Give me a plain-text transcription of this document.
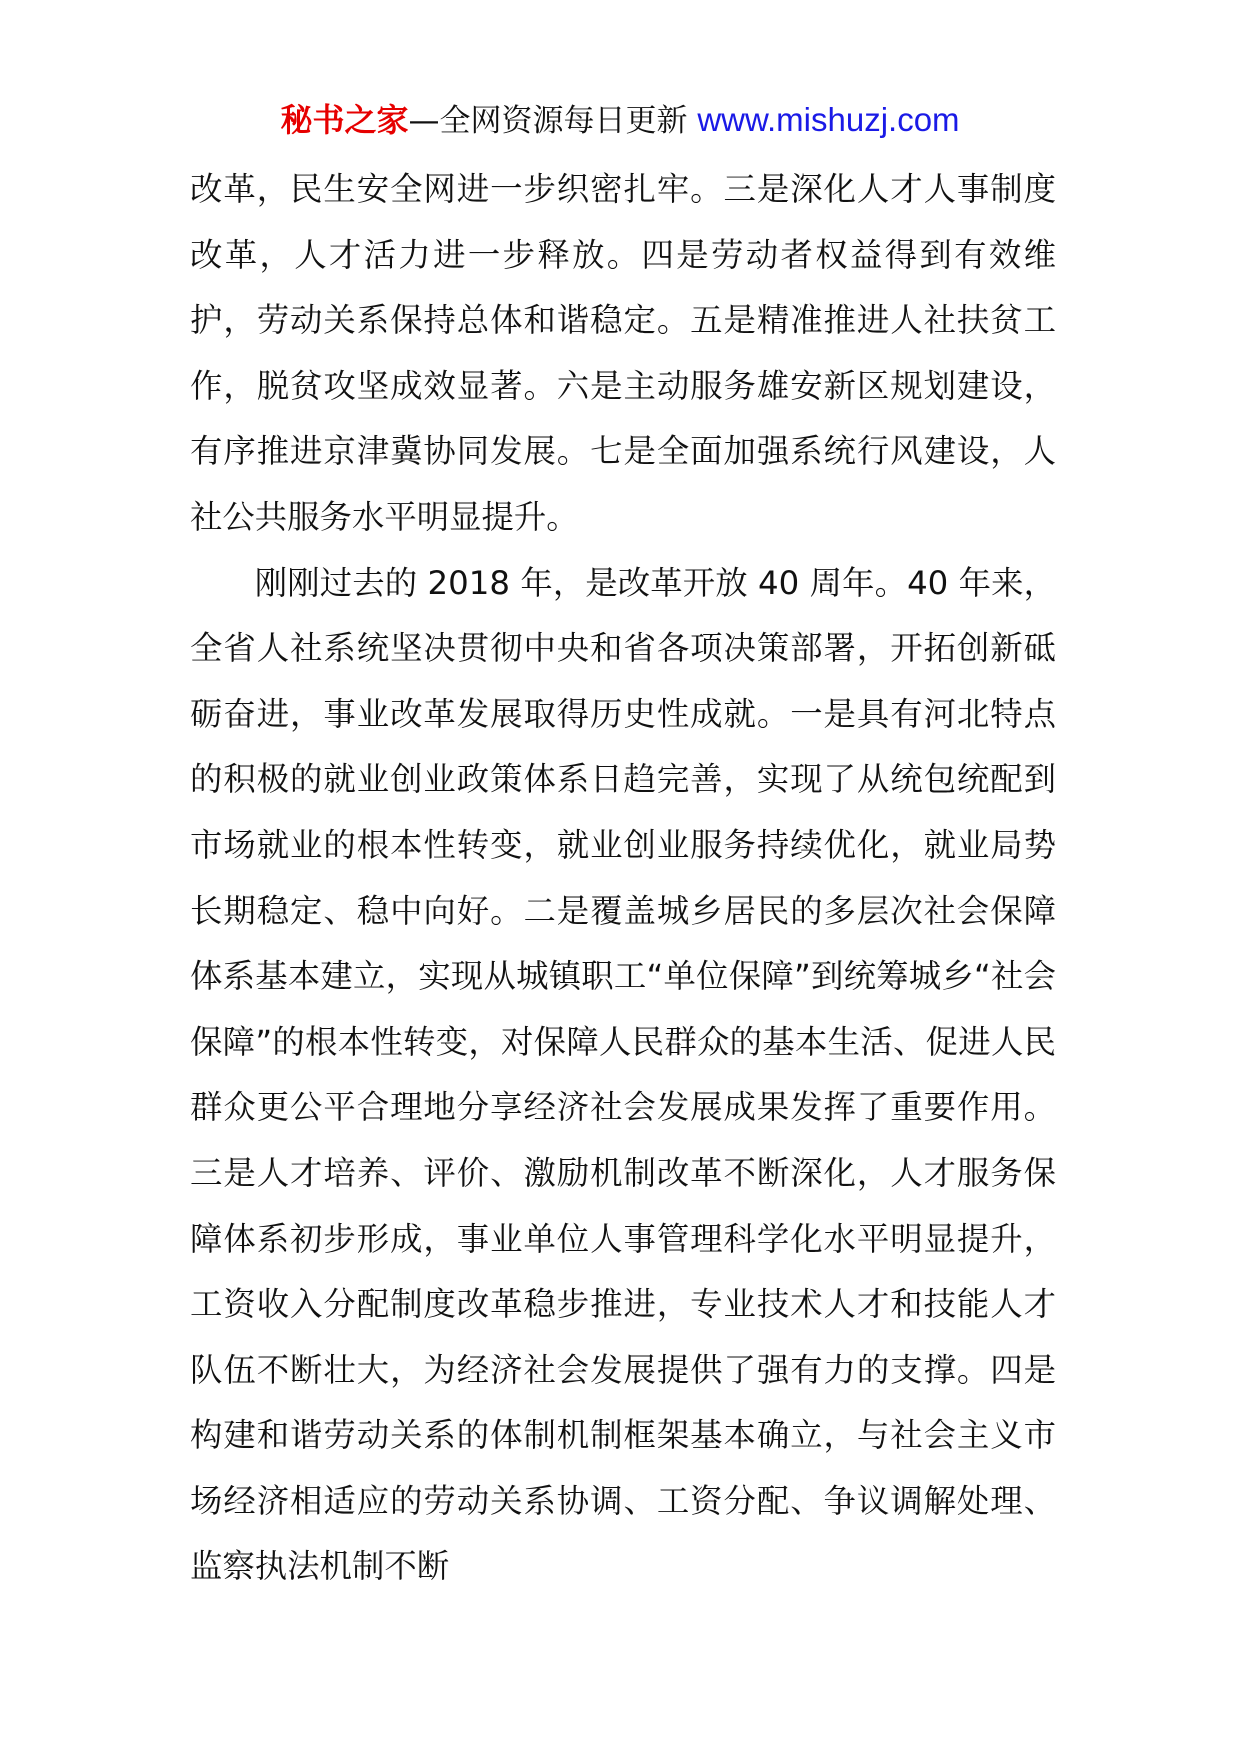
秘书之家—全网资源每日更新 www.mishuzj.com

改革，民生安全网进一步织密扎牢。三是深化人才人事制度改革，人才活力进一步释放。四是劳动者权益得到有效维护，劳动关系保持总体和谐稳定。五是精准推进人社扶贫工作，脱贫攻坚成效显著。六是主动服务雄安新区规划建设，有序推进京津冀协同发展。七是全面加强系统行风建设，人社公共服务水平明显提升。

刚刚过去的 2018 年，是改革开放 40 周年。40 年来，全省人社系统坚决贯彻中央和省各项决策部署，开拓创新砥砺奋进，事业改革发展取得历史性成就。一是具有河北特点的积极的就业创业政策体系日趋完善，实现了从统包统配到市场就业的根本性转变，就业创业服务持续优化，就业局势长期稳定、稳中向好。二是覆盖城乡居民的多层次社会保障体系基本建立，实现从城镇职工“单位保障”到统筹城乡“社会保障”的根本性转变，对保障人民群众的基本生活、促进人民群众更公平合理地分享经济社会发展成果发挥了重要作用。三是人才培养、评价、激励机制改革不断深化，人才服务保障体系初步形成，事业单位人事管理科学化水平明显提升，工资收入分配制度改革稳步推进，专业技术人才和技能人才队伍不断壮大，为经济社会发展提供了强有力的支撑。四是构建和谐劳动关系的体制机制框架基本确立，与社会主义市场经济相适应的劳动关系协调、工资分配、争议调解处理、监察执法机制不断
